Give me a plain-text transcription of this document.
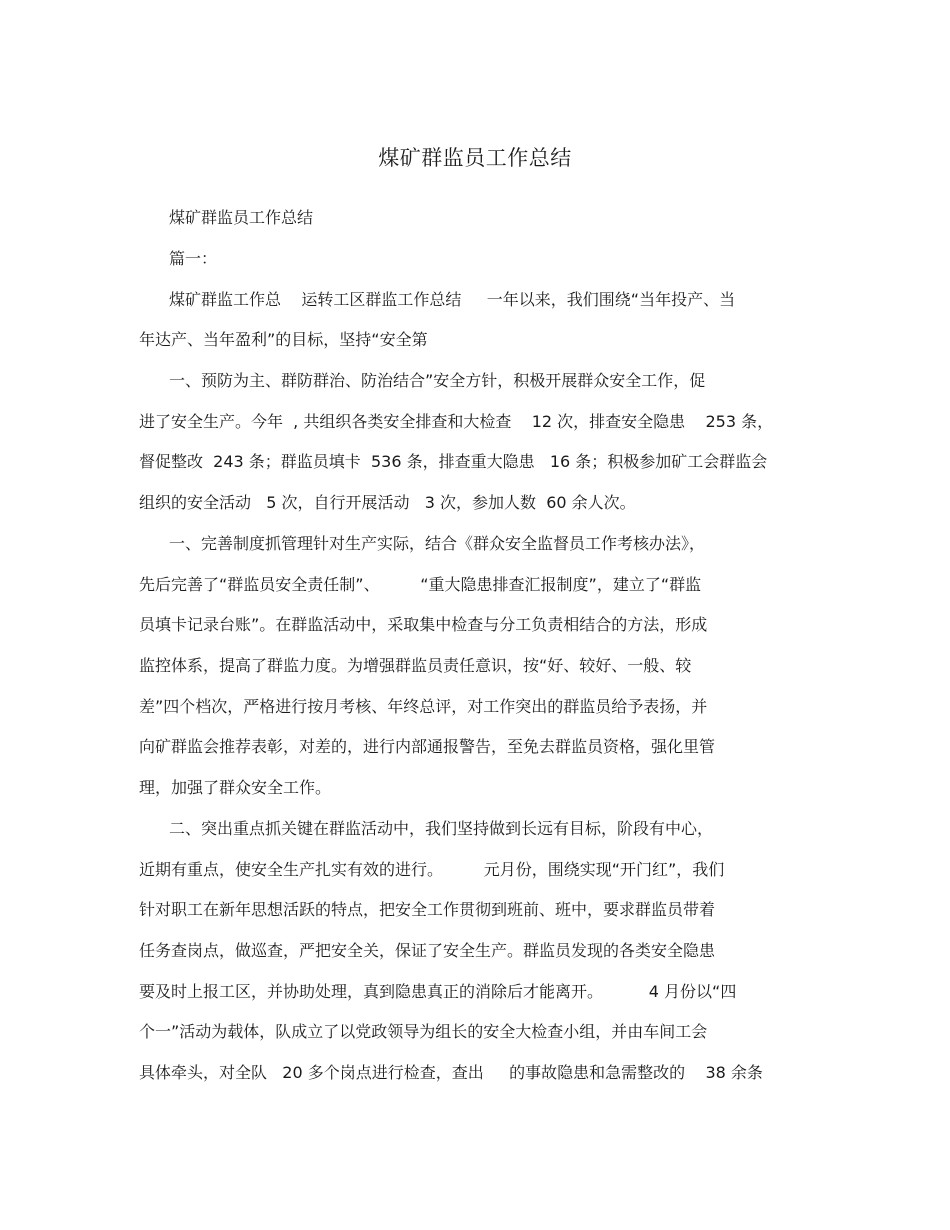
煤矿群监员工作总结

煤矿群监员工作总结

篇一：

煤矿群监工作总    运转工区群监工作总结     一年以来，我们围绕“当年投产、当

年达产、当年盈利”的目标，坚持“安全第

一、预防为主、群防群治、防治结合”安全方针，积极开展群众安全工作，促

进了安全生产。今年  , 共组织各类安全排查和大检查    12 次，排查安全隐患    253 条，

督促整改  243 条；群监员填卡  536 条，排查重大隐患   16 条；积极参加矿工会群监会

组织的安全活动   5 次，自行开展活动   3 次，参加人数  60 余人次。

一、完善制度抓管理针对生产实际，结合《群众安全监督员工作考核办法》，

先后完善了“群监员安全责任制”、        “重大隐患排查汇报制度”，建立了“群监

员填卡记录台账”。在群监活动中，采取集中检查与分工负责相结合的方法，形成

监控体系，提高了群监力度。为增强群监员责任意识，按“好、较好、一般、较

差”四个档次，严格进行按月考核、年终总评，对工作突出的群监员给予表扬，并

向矿群监会推荐表彰，对差的，进行内部通报警告，至免去群监员资格，强化里管

理，加强了群众安全工作。

二、突出重点抓关键在群监活动中，我们坚持做到长远有目标，阶段有中心，

近期有重点，使安全生产扎实有效的进行。        元月份，围绕实现“开门红”，我们

针对职工在新年思想活跃的特点，把安全工作贯彻到班前、班中，要求群监员带着

任务查岗点，做巡查，严把安全关，保证了安全生产。群监员发现的各类安全隐患

要及时上报工区，并协助处理，真到隐患真正的消除后才能离开。         4 月份以“四

个一”活动为载体，队成立了以党政领导为组长的安全大检查小组，并由车间工会

具体牵头，对全队   20 多个岗点进行检查，查出     的事故隐患和急需整改的    38 余条
